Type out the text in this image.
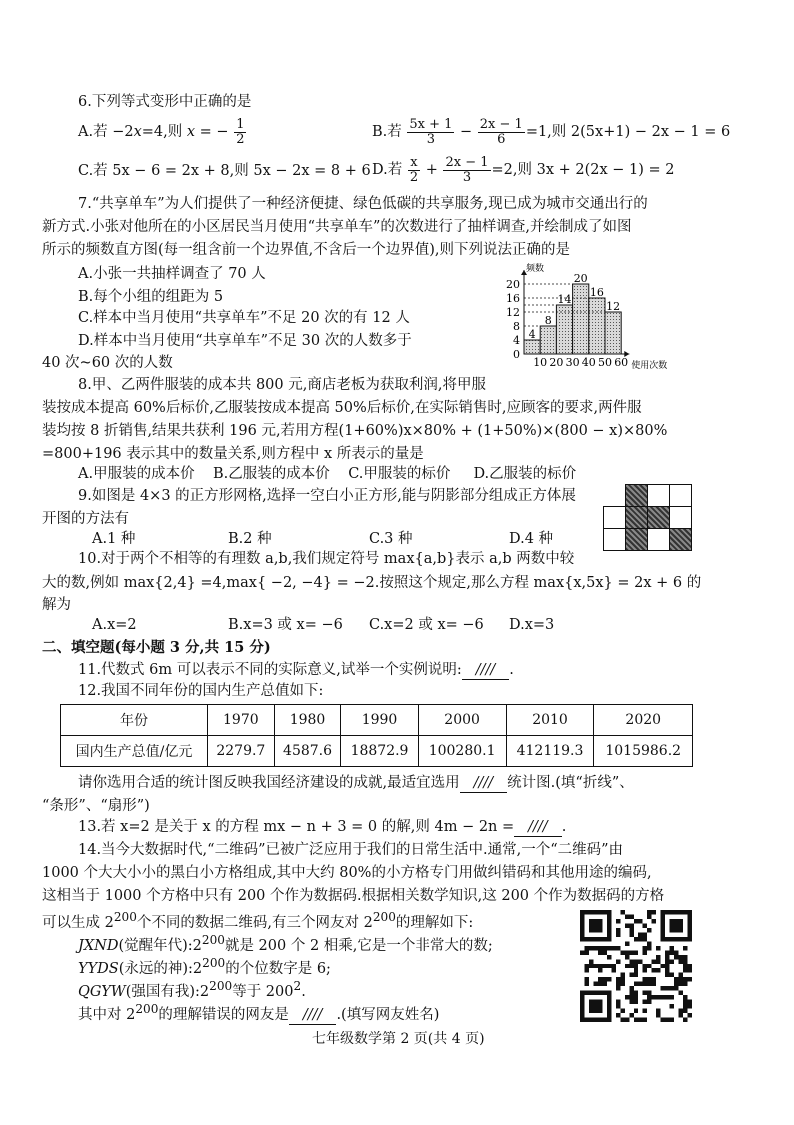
6.下列等式变形中正确的是
A.若 −2x=4,则 x = − $\frac{1}{2}$	B.若 $\frac{5x + 1}{3} - \frac{2x - 1}{6} =1$,则 2(5x+1) − 2x − 1 = 6
C.若 5x − 6 = 2x + 8,则 5x − 2x = 8 + 6 D.若 $\frac{x}{2} + \frac{2x - 1}{3} =2$,则 3x + 2(2x − 1) = 2
7.“共享单车”为人们提供了一种经济便捷、绿色低碳的共享服务,现已成为城市交通出行的
新方式.小张对他所在的小区居民当月使用“共享单车”的次数进行了抽样调查,并绘制成了如图
所示的频数直方图(每一组含前一个边界值,不含后一个边界值),则下列说法正确的是
A.小张一共抽样调查了 70 人
B.每个小组的组距为 5
C.样本中当月使用“共享单车”不足 20 次的有 12 人
D.样本中当月使用“共享单车”不足 30 次的人数多于
40 次~60 次的人数
4
8
14
20
16
12
0
4
8
12
16
20
10 20 30 40 50 60
频数
使用次数
8.甲、乙两件服装的成本共 800 元,商店老板为获取利润,将甲服
装按成本提高 60%后标价,乙服装按成本提高 50%后标价,在实际销售时,应顾客的要求,两件服
装均按 8 折销售,结果共获利 196 元,若用方程(1+60%)x×80% + (1+50%)×(800 − x)×80%
=800+196 表示其中的数量关系,则方程中 x 所表示的量是
A.甲服装的成本价    B.乙服装的成本价    C.甲服装的标价     D.乙服装的标价
9.如图是 4×3 的正方形网格,选择一空白小正方形,能与阴影部分组成正方体展
开图的方法有
A.1 种	B.2 种	C.3 种	D.4 种
10.对于两个不相等的有理数 a,b,我们规定符号 max{a,b}表示 a,b 两数中较
大的数,例如 max{2,4} =4,max{ −2, −4} = −2.按照这个规定,那么方程 max{x,5x} = 2x + 6 的
解为
A.x=2	B.x=3 或 x= −6 C.x=2 或 x= −6 D.x=3
二、填空题(每小题 3 分,共 15 分)
11.代数式 6m 可以表示不同的实际意义,试举一个实例说明: //// .
12.我国不同年份的国内生产总值如下:
年份	1970	1980	1990	2000	2010	2020
国内生产总值/亿元	2279.7	4587.6	18872.9	100280.1	412119.3	1015986.2
请你选用合适的统计图反映我国经济建设的成就,最适宜选用 //// 统计图.(填“折线”、
“条形”、“扇形”)
13.若 x=2 是关于 x 的方程 mx − n + 3 = 0 的解,则 4m − 2n = //// .
14.当今大数据时代,“二维码”已被广泛应用于我们的日常生活中.通常,一个“二维码”由
1000 个大大小小的黑白小方格组成,其中大约 80%的小方格专门用做纠错码和其他用途的编码,
这相当于 1000 个方格中只有 200 个作为数据码.根据相关数学知识,这 200 个作为数据码的方格
可以生成 $2^{200}$个不同的数据二维码,有三个网友对 $2^{200}$的理解如下:
JXND(觉醒年代)$:2^{200}$就是 200 个 2 相乘,它是一个非常大的数;
YYDS(永远的神)$:2^{200}$的个位数字是 6;
QGYW(强国有我)$:2^{200}$等于 $200^2$.
其中对 $2^{200}$的理解错误的网友是 //// .(填写网友姓名)
七年级数学第 2 页(共 4 页)
